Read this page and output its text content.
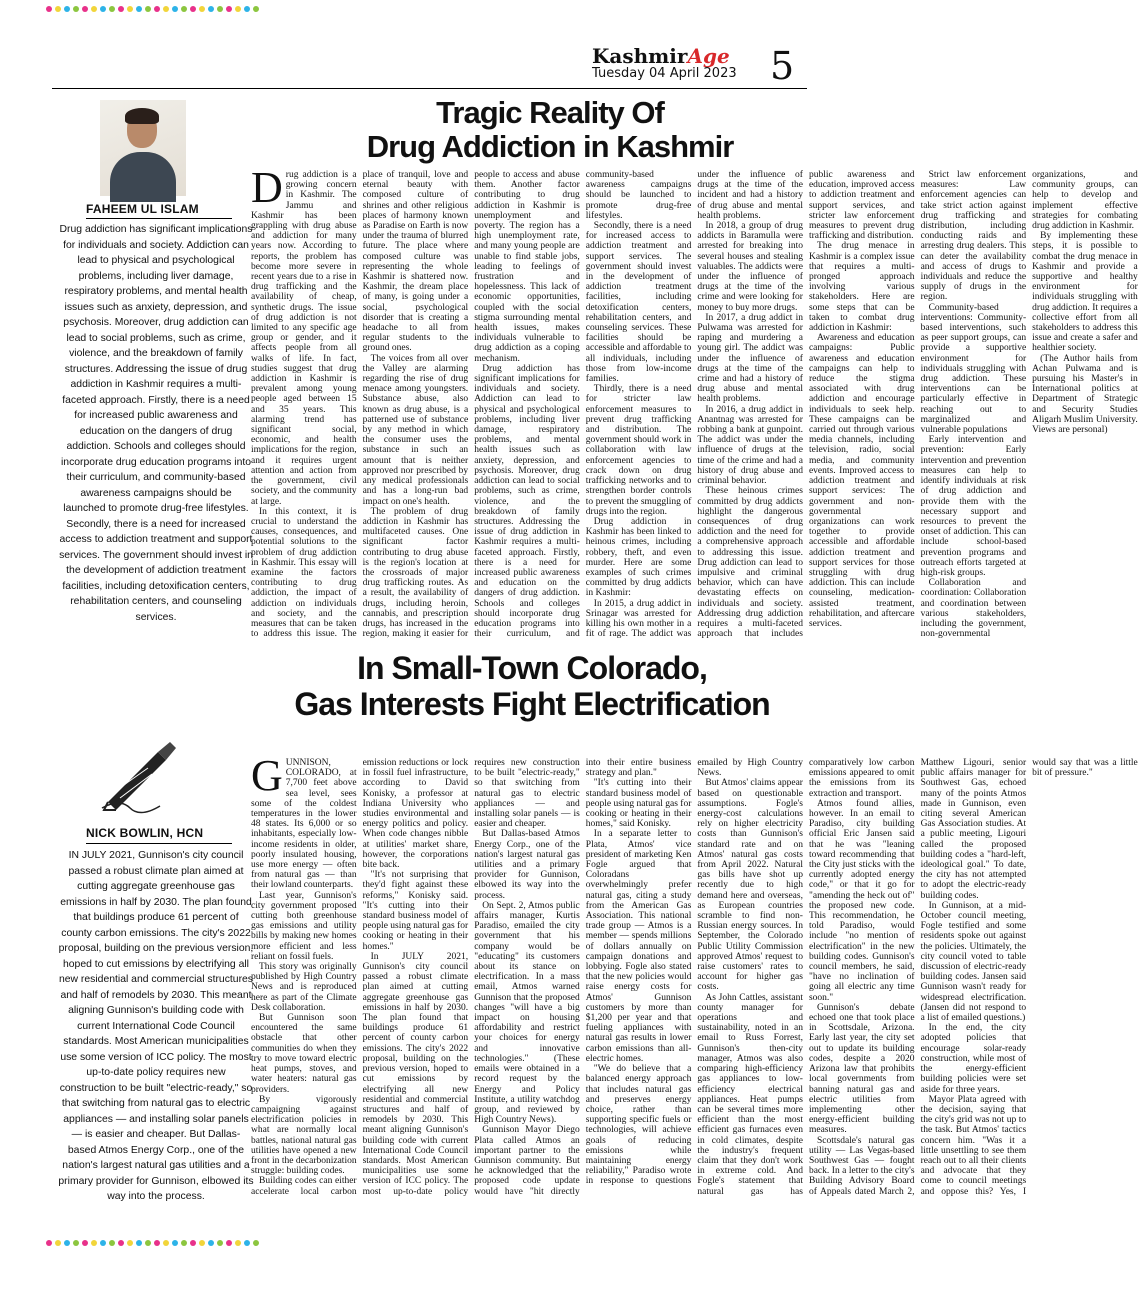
KashmirAge
Tuesday 04 April 2023 5
FAHEEM UL ISLAM
Drug addiction has significant implications for individuals and society. Addiction can lead to physical and psychological problems, including liver damage, respiratory problems, and mental health issues such as anxiety, depression, and psychosis. Moreover, drug addiction can lead to social problems, such as crime, violence, and the breakdown of family structures. Addressing the issue of drug addiction in Kashmir requires a multi-faceted approach. Firstly, there is a need for increased public awareness and education on the dangers of drug addiction. Schools and colleges should incorporate drug education programs into their curriculum, and community-based awareness campaigns should be launched to promote drug-free lifestyles. Secondly, there is a need for increased access to addiction treatment and support services. The government should invest in the development of addiction treatment facilities, including detoxification centers, rehabilitation centers, and counseling services.
Tragic Reality Of
Drug Addiction in Kashmir

Drug addiction is a growing concern in Kashmir. The Jammu and Kashmir has been grappling with drug abuse and addiction for many years now. According to reports, the problem has become more severe in recent years due to a rise in drug trafficking and the availability of cheap, synthetic drugs. The issue of drug addiction is not limited to any specific age group or gender, and it affects people from all walks of life. In fact, studies suggest that drug addiction in Kashmir is prevalent among young people aged between 15 and 35 years. This alarming trend has significant social, economic, and health implications for the region, and it requires urgent attention and action from the government, civil society, and the community at large.

In this context, it is crucial to understand the causes, consequences, and potential solutions to the problem of drug addiction in Kashmir. This essay will examine the factors contributing to drug addiction, the impact of addiction on individuals and society, and the measures that can be taken to address this issue. The place of tranquil, love and eternal beauty with composed culture of shrines and other religious places of harmony known as Paradise on Earth is now under the trauma of blurred future. The place where composed culture was representing the whole Kashmir is shattered now. Kashmir, the dream place of many, is going under a social, psychological disorder that is creating a headache to all from regular students to the ground ones.

The voices from all over the Valley are alarming regarding the rise of drug menace among youngsters. Substance abuse, also known as drug abuse, is a patterned use of substance by any method in which the consumer uses the substance in such an amount that is neither approved nor prescribed by any medical professionals and has a long-run bad impact on one's health.

The problem of drug addiction in Kashmir has multifaceted causes. One significant factor contributing to drug abuse is the region's location at the crossroads of major drug trafficking routes. As a result, the availability of drugs, including heroin, cannabis, and prescription drugs, has increased in the region, making it easier for people to access and abuse them. Another factor contributing to drug addiction in Kashmir is unemployment and poverty. The region has a high unemployment rate, and many young people are unable to find stable jobs, leading to feelings of frustration and hopelessness. This lack of economic opportunities, coupled with the social stigma surrounding mental health issues, makes individuals vulnerable to drug addiction as a coping mechanism.

Drug addiction has significant implications for individuals and society. Addiction can lead to physical and psychological problems, including liver damage, respiratory problems, and mental health issues such as anxiety, depression, and psychosis. Moreover, drug addiction can lead to social problems, such as crime, violence, and the breakdown of family structures. Addressing the issue of drug addiction in Kashmir requires a multi-faceted approach. Firstly, there is a need for increased public awareness and education on the dangers of drug addiction. Schools and colleges should incorporate drug education programs into their curriculum, and community-based awareness campaigns should be launched to promote drug-free lifestyles.

Secondly, there is a need for increased access to addiction treatment and support services. The government should invest in the development of addiction treatment facilities, including detoxification centers, rehabilitation centers, and counseling services. These facilities should be accessible and affordable to all individuals, including those from low-income families.

Thirdly, there is a need for stricter law enforcement measures to prevent drug trafficking and distribution. The government should work in collaboration with law enforcement agencies to crack down on drug trafficking networks and to strengthen border controls to prevent the smuggling of drugs into the region.

Drug addiction in Kashmir has been linked to heinous crimes, including robbery, theft, and even murder. Here are some examples of such crimes committed by drug addicts in Kashmir:

In 2015, a drug addict in Srinagar was arrested for killing his own mother in a fit of rage. The addict was under the influence of drugs at the time of the incident and had a history of drug abuse and mental health problems.

In 2018, a group of drug addicts in Baramulla were arrested for breaking into several houses and stealing valuables. The addicts were under the influence of drugs at the time of the crime and were looking for money to buy more drugs.

In 2017, a drug addict in Pulwama was arrested for raping and murdering a young girl. The addict was under the influence of drugs at the time of the crime and had a history of drug abuse and mental health problems.

In 2016, a drug addict in Anantnag was arrested for robbing a bank at gunpoint. The addict was under the influence of drugs at the time of the crime and had a history of drug abuse and criminal behavior.

These heinous crimes committed by drug addicts highlight the dangerous consequences of drug addiction and the need for a comprehensive approach to addressing this issue. Drug addiction can lead to impulsive and criminal behavior, which can have devastating effects on individuals and society. Addressing drug addiction requires a multi-faceted approach that includes public awareness and education, improved access to addiction treatment and support services, and stricter law enforcement measures to prevent drug trafficking and distribution.

The drug menace in Kashmir is a complex issue that requires a multi-pronged approach involving various stakeholders. Here are some steps that can be taken to combat drug addiction in Kashmir:

Awareness and education campaigns: Public awareness and education campaigns can help to reduce the stigma associated with drug addiction and encourage individuals to seek help. These campaigns can be carried out through various media channels, including television, radio, social media, and community events. Improved access to addiction treatment and support services: The government and non-governmental organizations can work together to provide accessible and affordable addiction treatment and support services for those struggling with drug addiction. This can include counseling, medication-assisted treatment, rehabilitation, and aftercare services.

Strict law enforcement measures: Law enforcement agencies can take strict action against drug trafficking and distribution, including conducting raids and arresting drug dealers. This can deter the availability and access of drugs to individuals and reduce the supply of drugs in the region.

Community-based interventions: Community-based interventions, such as peer support groups, can provide a supportive environment for individuals struggling with drug addiction. These interventions can be particularly effective in reaching out to marginalized and vulnerable populations

Early intervention and prevention: Early intervention and prevention measures can help to identify individuals at risk of drug addiction and provide them with the necessary support and resources to prevent the onset of addiction. This can include school-based prevention programs and outreach efforts targeted at high-risk groups.

Collaboration and coordination: Collaboration and coordination between various stakeholders, including the government, non-governmental organizations, and community groups, can help to develop and implement effective strategies for combating drug addiction in Kashmir.

By implementing these steps, it is possible to combat the drug menace in Kashmir and provide a supportive and healthy environment for individuals struggling with drug addiction. It requires a collective effort from all stakeholders to address this issue and create a safer and healthier society.

(The Author hails from Achan Pulwama and is pursuing his Master's in International politics at Department of Strategic and Security Studies Aligarh Muslim University. Views are personal)

NICK BOWLIN, HCN
IN JULY 2021, Gunnison's city council passed a robust climate plan aimed at cutting aggregate greenhouse gas emissions in half by 2030. The plan found that buildings produce 61 percent of county carbon emissions. The city's 2022 proposal, building on the previous version, hoped to cut emissions by electrifying all new residential and commercial structures and half of remodels by 2030. This meant aligning Gunnison's building code with current International Code Council standards. Most American municipalities use some version of ICC policy. The most up-to-date policy requires new construction to be built "electric-ready," so that switching from natural gas to electric appliances — and installing solar panels — is easier and cheaper. But Dallas-based Atmos Energy Corp., one of the nation's largest natural gas utilities and a primary provider for Gunnison, elbowed its way into the process.
In Small-Town Colorado,
Gas Interests Fight Electrification

GUNNISON, COLORADO, at 7,700 feet above sea level, sees some of the coldest temperatures in the lower 48 states. Its 6,000 or so inhabitants, especially low-income residents in older, poorly insulated housing, use more energy — often from natural gas — than their lowland counterparts.

Last year, Gunnison's city government proposed cutting both greenhouse gas emissions and utility bills by making new homes more efficient and less reliant on fossil fuels.

This story was originally published by High Country News and is reproduced here as part of the Climate Desk collaboration.

But Gunnison soon encountered the same obstacle that other communities do when they try to move toward electric heat pumps, stoves, and water heaters: natural gas providers.

By vigorously campaigning against electrification policies in what are normally local battles, national natural gas utilities have opened a new front in the decarbonization struggle: building codes.

Building codes can either accelerate local carbon emission reductions or lock in fossil fuel infrastructure, according to David Konisky, a professor at Indiana University who studies environmental and energy politics and policy. When code changes nibble at utilities' market share, however, the corporations bite back.

"It's not surprising that they'd fight against these reforms," Konisky said. "It's cutting into their standard business model of people using natural gas for cooking or heating in their homes."

In JULY 2021, Gunnison's city council passed a robust climate plan aimed at cutting aggregate greenhouse gas emissions in half by 2030. The plan found that buildings produce 61 percent of county carbon emissions. The city's 2022 proposal, building on the previous version, hoped to cut emissions by electrifying all new residential and commercial structures and half of remodels by 2030. This meant aligning Gunnison's building code with current International Code Council standards. Most American municipalities use some version of ICC policy. The most up-to-date policy requires new construction to be built "electric-ready," so that switching from natural gas to electric appliances — and installing solar panels — is easier and cheaper.

But Dallas-based Atmos Energy Corp., one of the nation's largest natural gas utilities and a primary provider for Gunnison, elbowed its way into the process.

On Sept. 2, Atmos public affairs manager, Kurtis Paradiso, emailed the city government that his company would be "educating" its customers about its stance on electrification. In a mass email, Atmos warned Gunnison that the proposed changes "will have a big impact on housing affordability and restrict your choices for energy and innovative technologies." (These emails were obtained in a record request by the Energy and Policy Institute, a utility watchdog group, and reviewed by High Country News).

Gunnison Mayor Diego Plata called Atmos an important partner to the Gunnison community. But he acknowledged that the proposed code update would have "hit directly into their entire business strategy and plan."

"It's cutting into their standard business model of people using natural gas for cooking or heating in their homes," said Konisky.

In a separate letter to Plata, Atmos' vice president of marketing Ken Fogle argued that Coloradans overwhelmingly prefer natural gas, citing a study from the American Gas Association. This national trade group — Atmos is a member — spends millions of dollars annually on campaign donations and lobbying. Fogle also stated that the new policies would raise energy costs for Atmos' Gunnison customers by more than $1,200 per year and that fueling appliances with natural gas results in lower carbon emissions than all-electric homes.

"We do believe that a balanced energy approach that includes natural gas and preserves energy choice, rather than supporting specific fuels or technologies, will achieve goals of reducing emissions while maintaining energy reliability," Paradiso wrote in response to questions emailed by High Country News.

But Atmos' claims appear based on questionable assumptions. Fogle's energy-cost calculations rely on higher electricity costs than Gunnison's standard rate and on Atmos' natural gas costs from April 2022. Natural gas bills have shot up recently due to high demand here and overseas, as European countries scramble to find non-Russian energy sources. In September, the Colorado Public Utility Commission approved Atmos' request to raise customers' rates to account for higher gas costs.

As John Cattles, assistant county manager for operations and sustainability, noted in an email to Russ Forrest, Gunnison's then-city manager, Atmos was also comparing high-efficiency gas appliances to low-efficiency electrical appliances. Heat pumps can be several times more efficient than the most efficient gas furnaces even in cold climates, despite the industry's frequent claim that they don't work in extreme cold. And Fogle's statement that natural gas has comparatively low carbon emissions appeared to omit the emissions from its extraction and transport.

Atmos found allies, however. In an email to Paradiso, city building official Eric Jansen said that he was "leaning toward recommending that the City just sticks with the currently adopted energy code," or that it go for "amending the heck out of" the proposed new code. This recommendation, he told Paradiso, would include "no mention of electrification" in the new building codes. Gunnison's council members, he said, "have no inclination of going all electric any time soon."

Gunnison's debate echoed one that took place in Scottsdale, Arizona. Early last year, the city set out to update its building codes, despite a 2020 Arizona law that prohibits local governments from banning natural gas and electric utilities from implementing other energy-efficient building measures.

Scottsdale's natural gas utility — Las Vegas-based Southwest Gas — fought back. In a letter to the city's Building Advisory Board of Appeals dated March 2, Matthew Ligouri, senior public affairs manager for Southwest Gas, echoed many of the points Atmos made in Gunnison, even citing several American Gas Association studies. At a public meeting, Ligouri called the proposed building codes a "hard-left, ideological goal." To date, the city has not attempted to adopt the electric-ready building codes.

In Gunnison, at a mid-October council meeting, Fogle testified and some residents spoke out against the policies. Ultimately, the city council voted to table discussion of electric-ready building codes. Jansen said Gunnison wasn't ready for widespread electrification. (Jansen did not respond to a list of emailed questions.)

In the end, the city adopted policies that encourage solar-ready construction, while most of the energy-efficient building policies were set aside for three years.

Mayor Plata agreed with the decision, saying that the city's grid was not up to the task. But Atmos' tactics concern him. "Was it a little unsettling to see them reach out to all their clients and advocate that they come to council meetings and oppose this? Yes, I would say that was a little bit of pressure."
